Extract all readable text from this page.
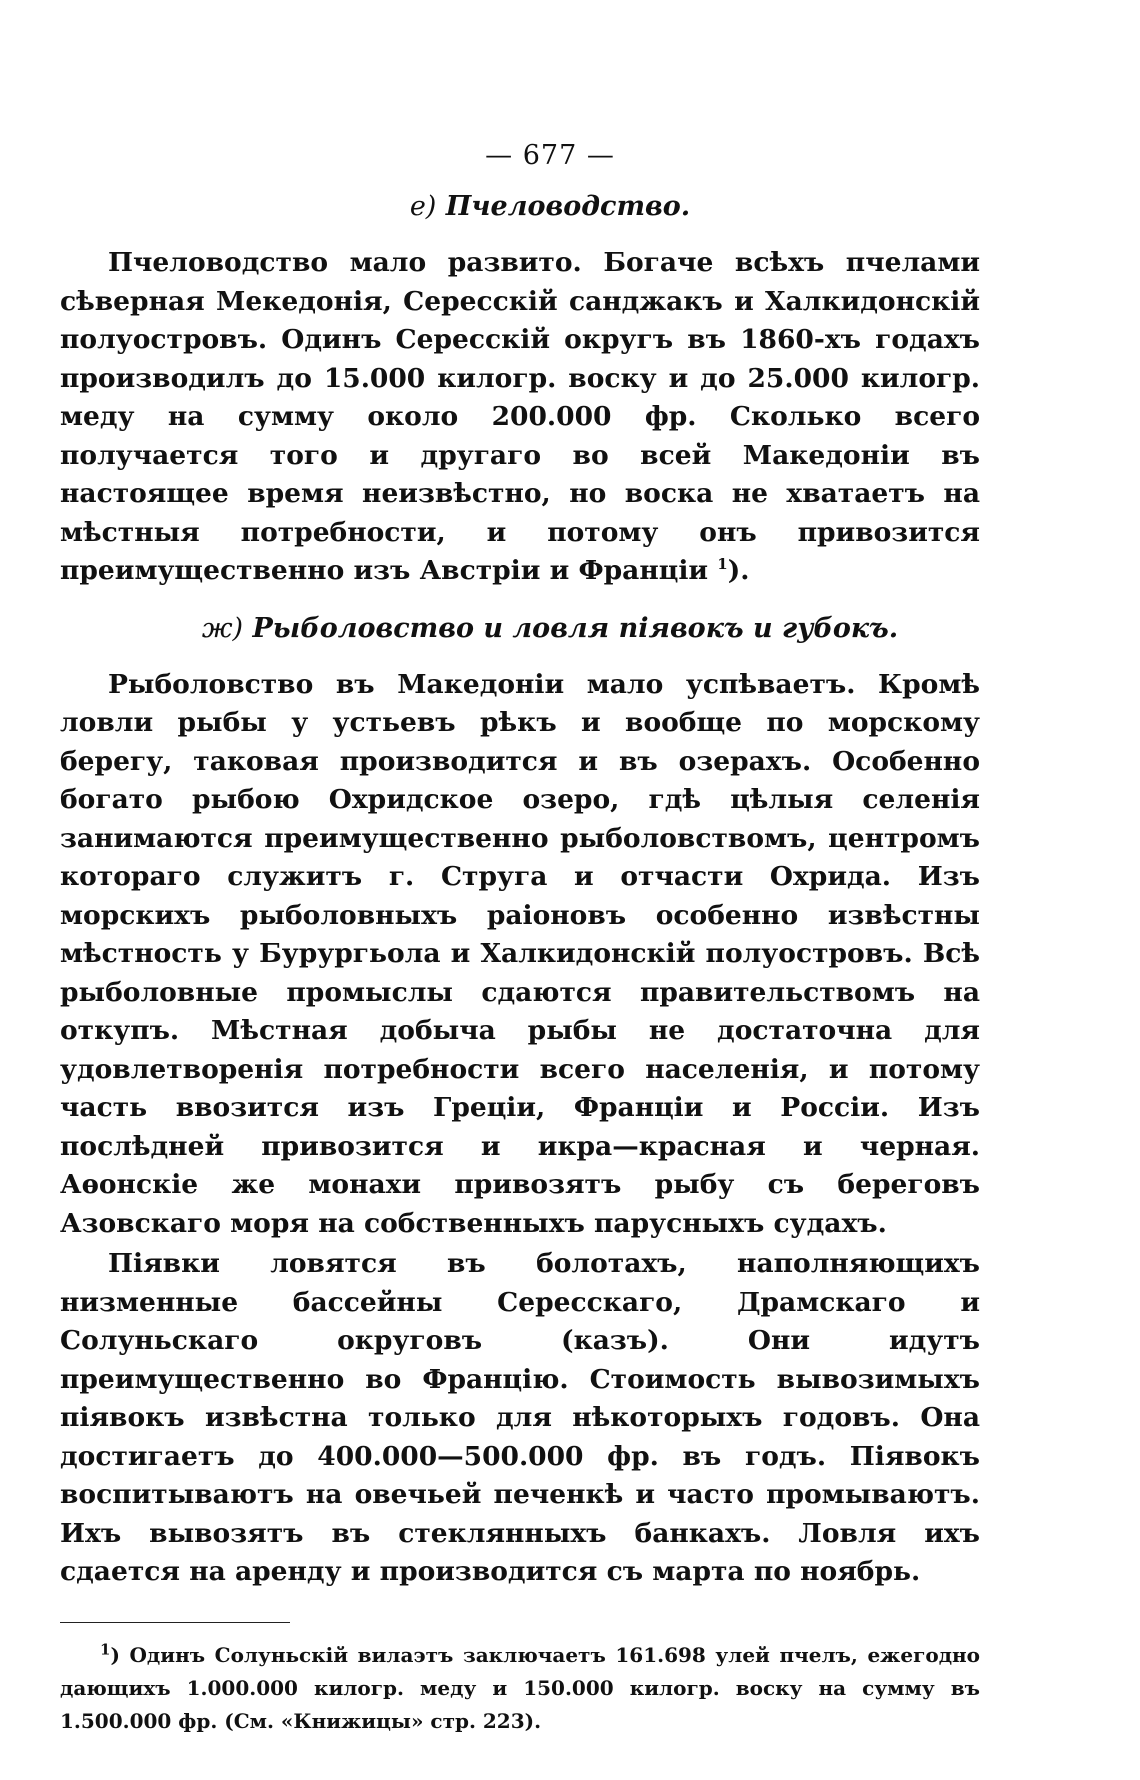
— 677 —
е) Пчеловодство.

Пчеловодство мало развито. Богаче всѣхъ пчелами сѣверная Мекедонія, Сересскій санджакъ и Халкидонскій полуостровъ. Одинъ Сересскій округъ въ 1860-хъ годахъ производилъ до 15.000 килогр. воску и до 25.000 килогр. меду на сумму около 200.000 фр. Сколько всего получается того и другаго во всей Македоніи въ настоящее время неизвѣстно, но воска не хватаетъ на мѣстныя потребности, и потому онъ привозится преимущественно изъ Австріи и Франціи $^1$).

ж) Рыболовство и ловля піявокъ и губокъ.

Рыболовство въ Македоніи мало успѣваетъ. Кромѣ ловли рыбы у устьевъ рѣкъ и вообще по морскому берегу, таковая производится и въ озерахъ. Особенно богато рыбою Охридское озеро, гдѣ цѣлыя селенія занимаются преимущественно рыболовствомъ, центромъ котораго служитъ г. Струга и отчасти Охрида. Изъ морскихъ рыболовныхъ раіоновъ особенно извѣстны мѣстность у Бурургьола и Халкидонскій полуостровъ. Всѣ рыболовные промыслы сдаются правительствомъ на откупъ. Мѣстная добыча рыбы не достаточна для удовлетворенія потребности всего населенія, и потому часть ввозится изъ Греціи, Франціи и Россіи. Изъ послѣдней привозится и икра—красная и черная. Аѳонскіе же монахи привозятъ рыбу съ береговъ Азовскаго моря на собственныхъ парусныхъ судахъ.

Піявки ловятся въ болотахъ, наполняющихъ низменные бассейны Сересскаго, Драмскаго и Солуньскаго округовъ (казъ). Они идутъ преимущественно во Францію. Стоимость вывозимыхъ піявокъ извѣстна только для нѣкоторыхъ годовъ. Она достигаетъ до 400.000—500.000 фр. въ годъ. Піявокъ воспитываютъ на овечьей печенкѣ и часто промываютъ. Ихъ вывозятъ въ стеклянныхъ банкахъ. Ловля ихъ сдается на аренду и производится съ марта по ноябрь.

$^1$) Одинъ Солуньскій вилаэтъ заключаетъ 161.698 улей пчелъ, ежегодно дающихъ 1.000.000 килогр. меду и 150.000 килогр. воску на сумму въ 1.500.000 фр. (См. «Книжицы» стр. 223).
